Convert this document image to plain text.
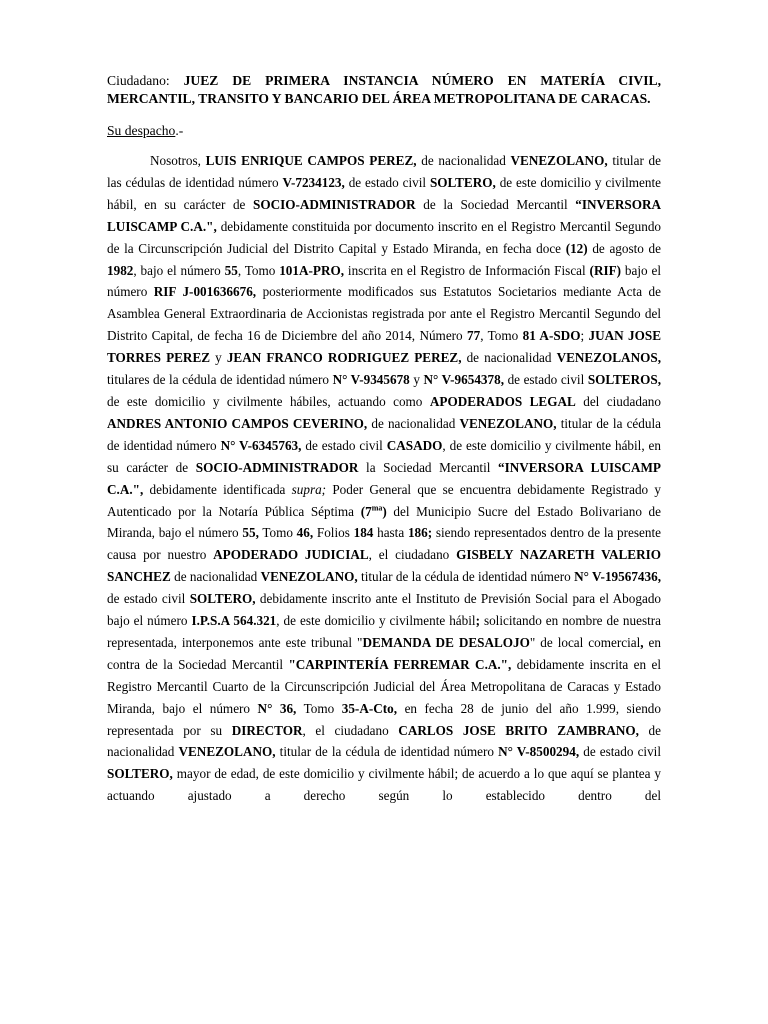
Ciudadano: JUEZ DE PRIMERA INSTANCIA NÚMERO EN MATERÍA CIVIL, MERCANTIL, TRANSITO Y BANCARIO DEL ÁREA METROPOLITANA DE CARACAS.

Su despacho.-

Nosotros, LUIS ENRIQUE CAMPOS PEREZ, de nacionalidad VENEZOLANO, titular de las cédulas de identidad número V-7234123, de estado civil SOLTERO, de este domicilio y civilmente hábil, en su carácter de SOCIO-ADMINISTRADOR de la Sociedad Mercantil “INVERSORA LUISCAMP C.A.", debidamente constituida por documento inscrito en el Registro Mercantil Segundo de la Circunscripción Judicial del Distrito Capital y Estado Miranda, en fecha doce (12) de agosto de 1982, bajo el número 55, Tomo 101A-PRO, inscrita en el Registro de Información Fiscal (RIF) bajo el número RIF J-001636676, posteriormente modificados sus Estatutos Societarios mediante Acta de Asamblea General Extraordinaria de Accionistas registrada por ante el Registro Mercantil Segundo del Distrito Capital, de fecha 16 de Diciembre del año 2014, Número 77, Tomo 81 A-SDO; JUAN JOSE TORRES PEREZ y JEAN FRANCO RODRIGUEZ PEREZ, de nacionalidad VENEZOLANOS, titulares de la cédula de identidad número N° V-9345678 y N° V-9654378, de estado civil SOLTEROS, de este domicilio y civilmente hábiles, actuando como APODERADOS LEGAL del ciudadano ANDRES ANTONIO CAMPOS CEVERINO, de nacionalidad VENEZOLANO, titular de la cédula de identidad número N° V-6345763, de estado civil CASADO, de este domicilio y civilmente hábil, en su carácter de SOCIO-ADMINISTRADOR la Sociedad Mercantil “INVERSORA LUISCAMP C.A.", debidamente identificada supra; Poder General que se encuentra debidamente Registrado y Autenticado por la Notaría Pública Séptima $(7^{ma})$ del Municipio Sucre del Estado Bolivariano de Miranda, bajo el número 55, Tomo 46, Folios 184 hasta 186; siendo representados dentro de la presente causa por nuestro APODERADO JUDICIAL, el ciudadano GISBELY NAZARETH VALERIO SANCHEZ de nacionalidad VENEZOLANO, titular de la cédula de identidad número N° V-19567436, de estado civil SOLTERO, debidamente inscrito ante el Instituto de Previsión Social para el Abogado bajo el número I.P.S.A 564.321, de este domicilio y civilmente hábil; solicitando en nombre de nuestra representada, interponemos ante este tribunal "DEMANDA DE DESALOJO" de local comercial, en contra de la Sociedad Mercantil "CARPINTERÍA FERREMAR C.A.", debidamente inscrita en el Registro Mercantil Cuarto de la Circunscripción Judicial del Área Metropolitana de Caracas y Estado Miranda, bajo el número N° 36, Tomo 35-A-Cto, en fecha 28 de junio del año 1.999, siendo representada por su DIRECTOR, el ciudadano CARLOS JOSE BRITO ZAMBRANO, de nacionalidad VENEZOLANO, titular de la cédula de identidad número N° V-8500294, de estado civil SOLTERO, mayor de edad, de este domicilio y civilmente hábil; de acuerdo a lo que aquí se plantea y actuando ajustado a derecho según lo establecido dentro del
